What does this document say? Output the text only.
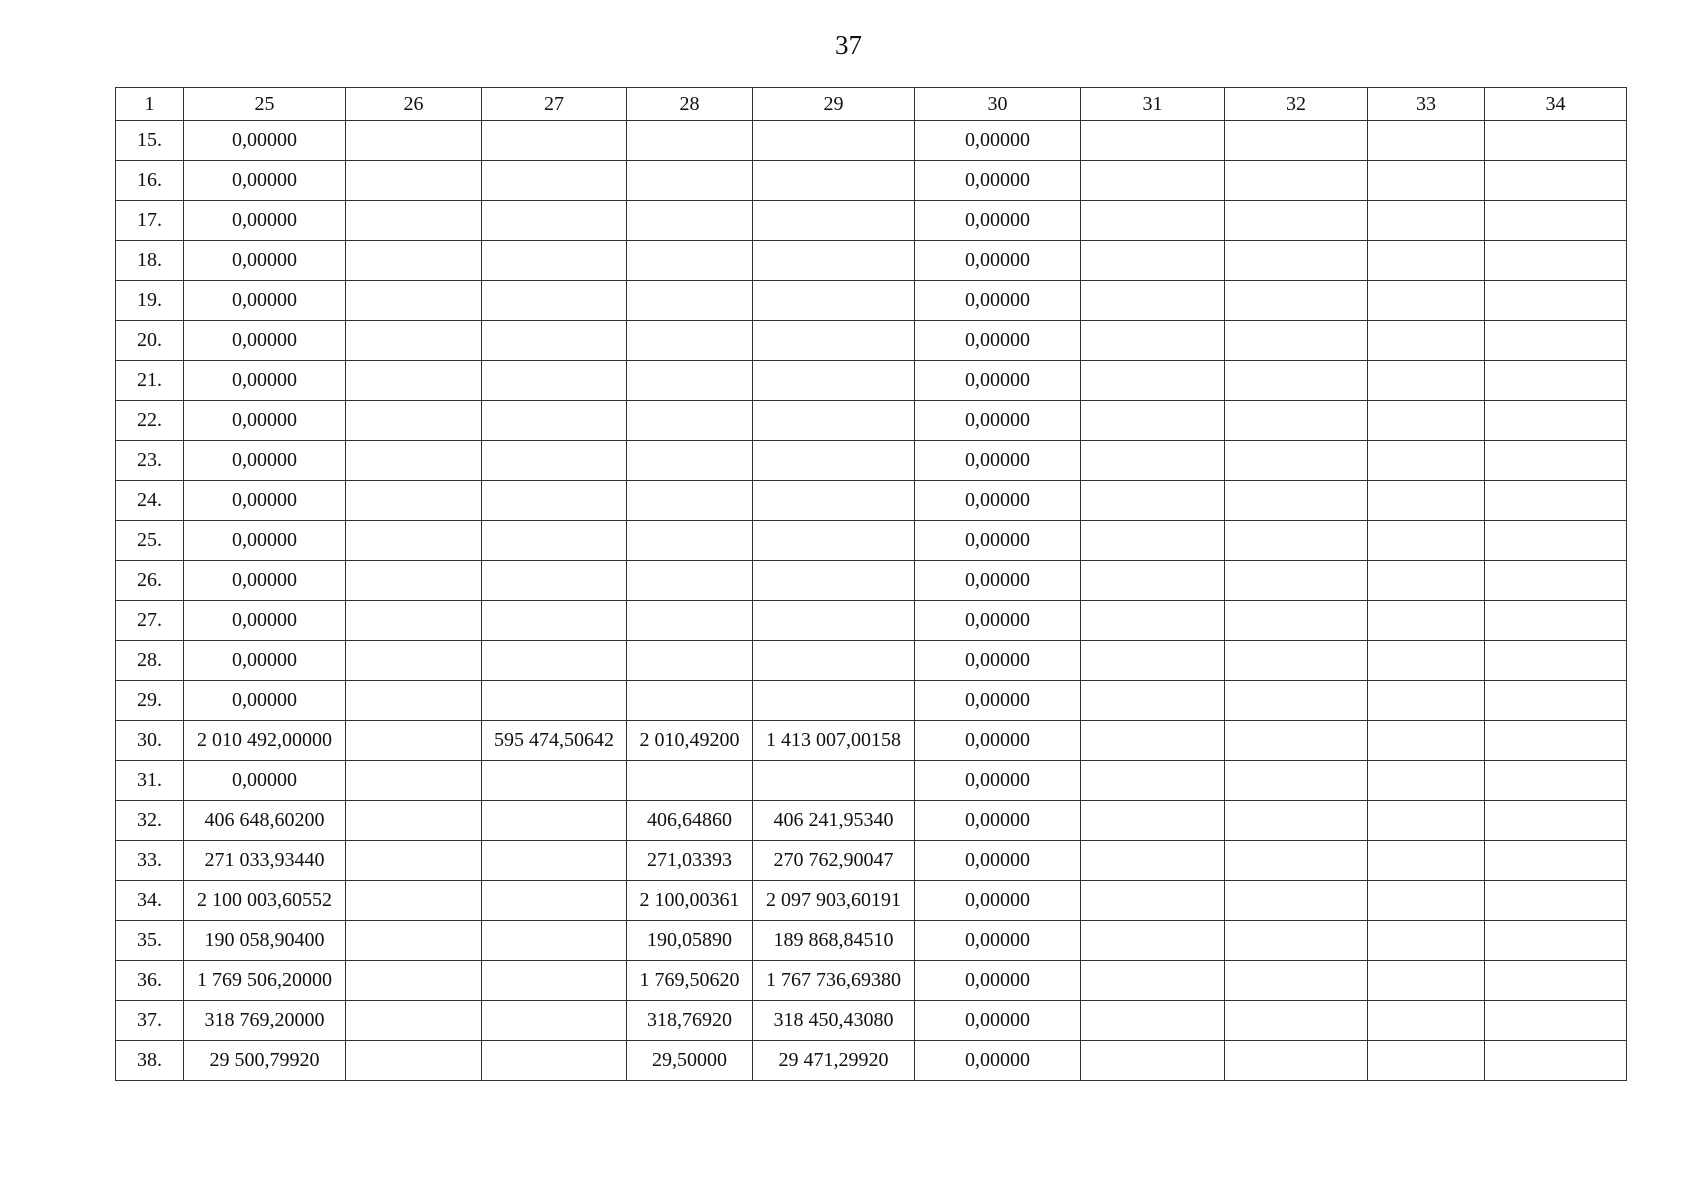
37
1	25	26	27	28	29	30	31	32	33	34
15.	0,00000					0,00000				
16.	0,00000					0,00000				
17.	0,00000					0,00000				
18.	0,00000					0,00000				
19.	0,00000					0,00000				
20.	0,00000					0,00000				
21.	0,00000					0,00000				
22.	0,00000					0,00000				
23.	0,00000					0,00000				
24.	0,00000					0,00000				
25.	0,00000					0,00000				
26.	0,00000					0,00000				
27.	0,00000					0,00000				
28.	0,00000					0,00000				
29.	0,00000					0,00000				
30.	2 010 492,00000		595 474,50642	2 010,49200	1 413 007,00158	0,00000				
31.	0,00000					0,00000				
32.	406 648,60200			406,64860	406 241,95340	0,00000				
33.	271 033,93440			271,03393	270 762,90047	0,00000				
34.	2 100 003,60552			2 100,00361	2 097 903,60191	0,00000				
35.	190 058,90400			190,05890	189 868,84510	0,00000				
36.	1 769 506,20000			1 769,50620	1 767 736,69380	0,00000				
37.	318 769,20000			318,76920	318 450,43080	0,00000				
38.	29 500,79920			29,50000	29 471,29920	0,00000				
